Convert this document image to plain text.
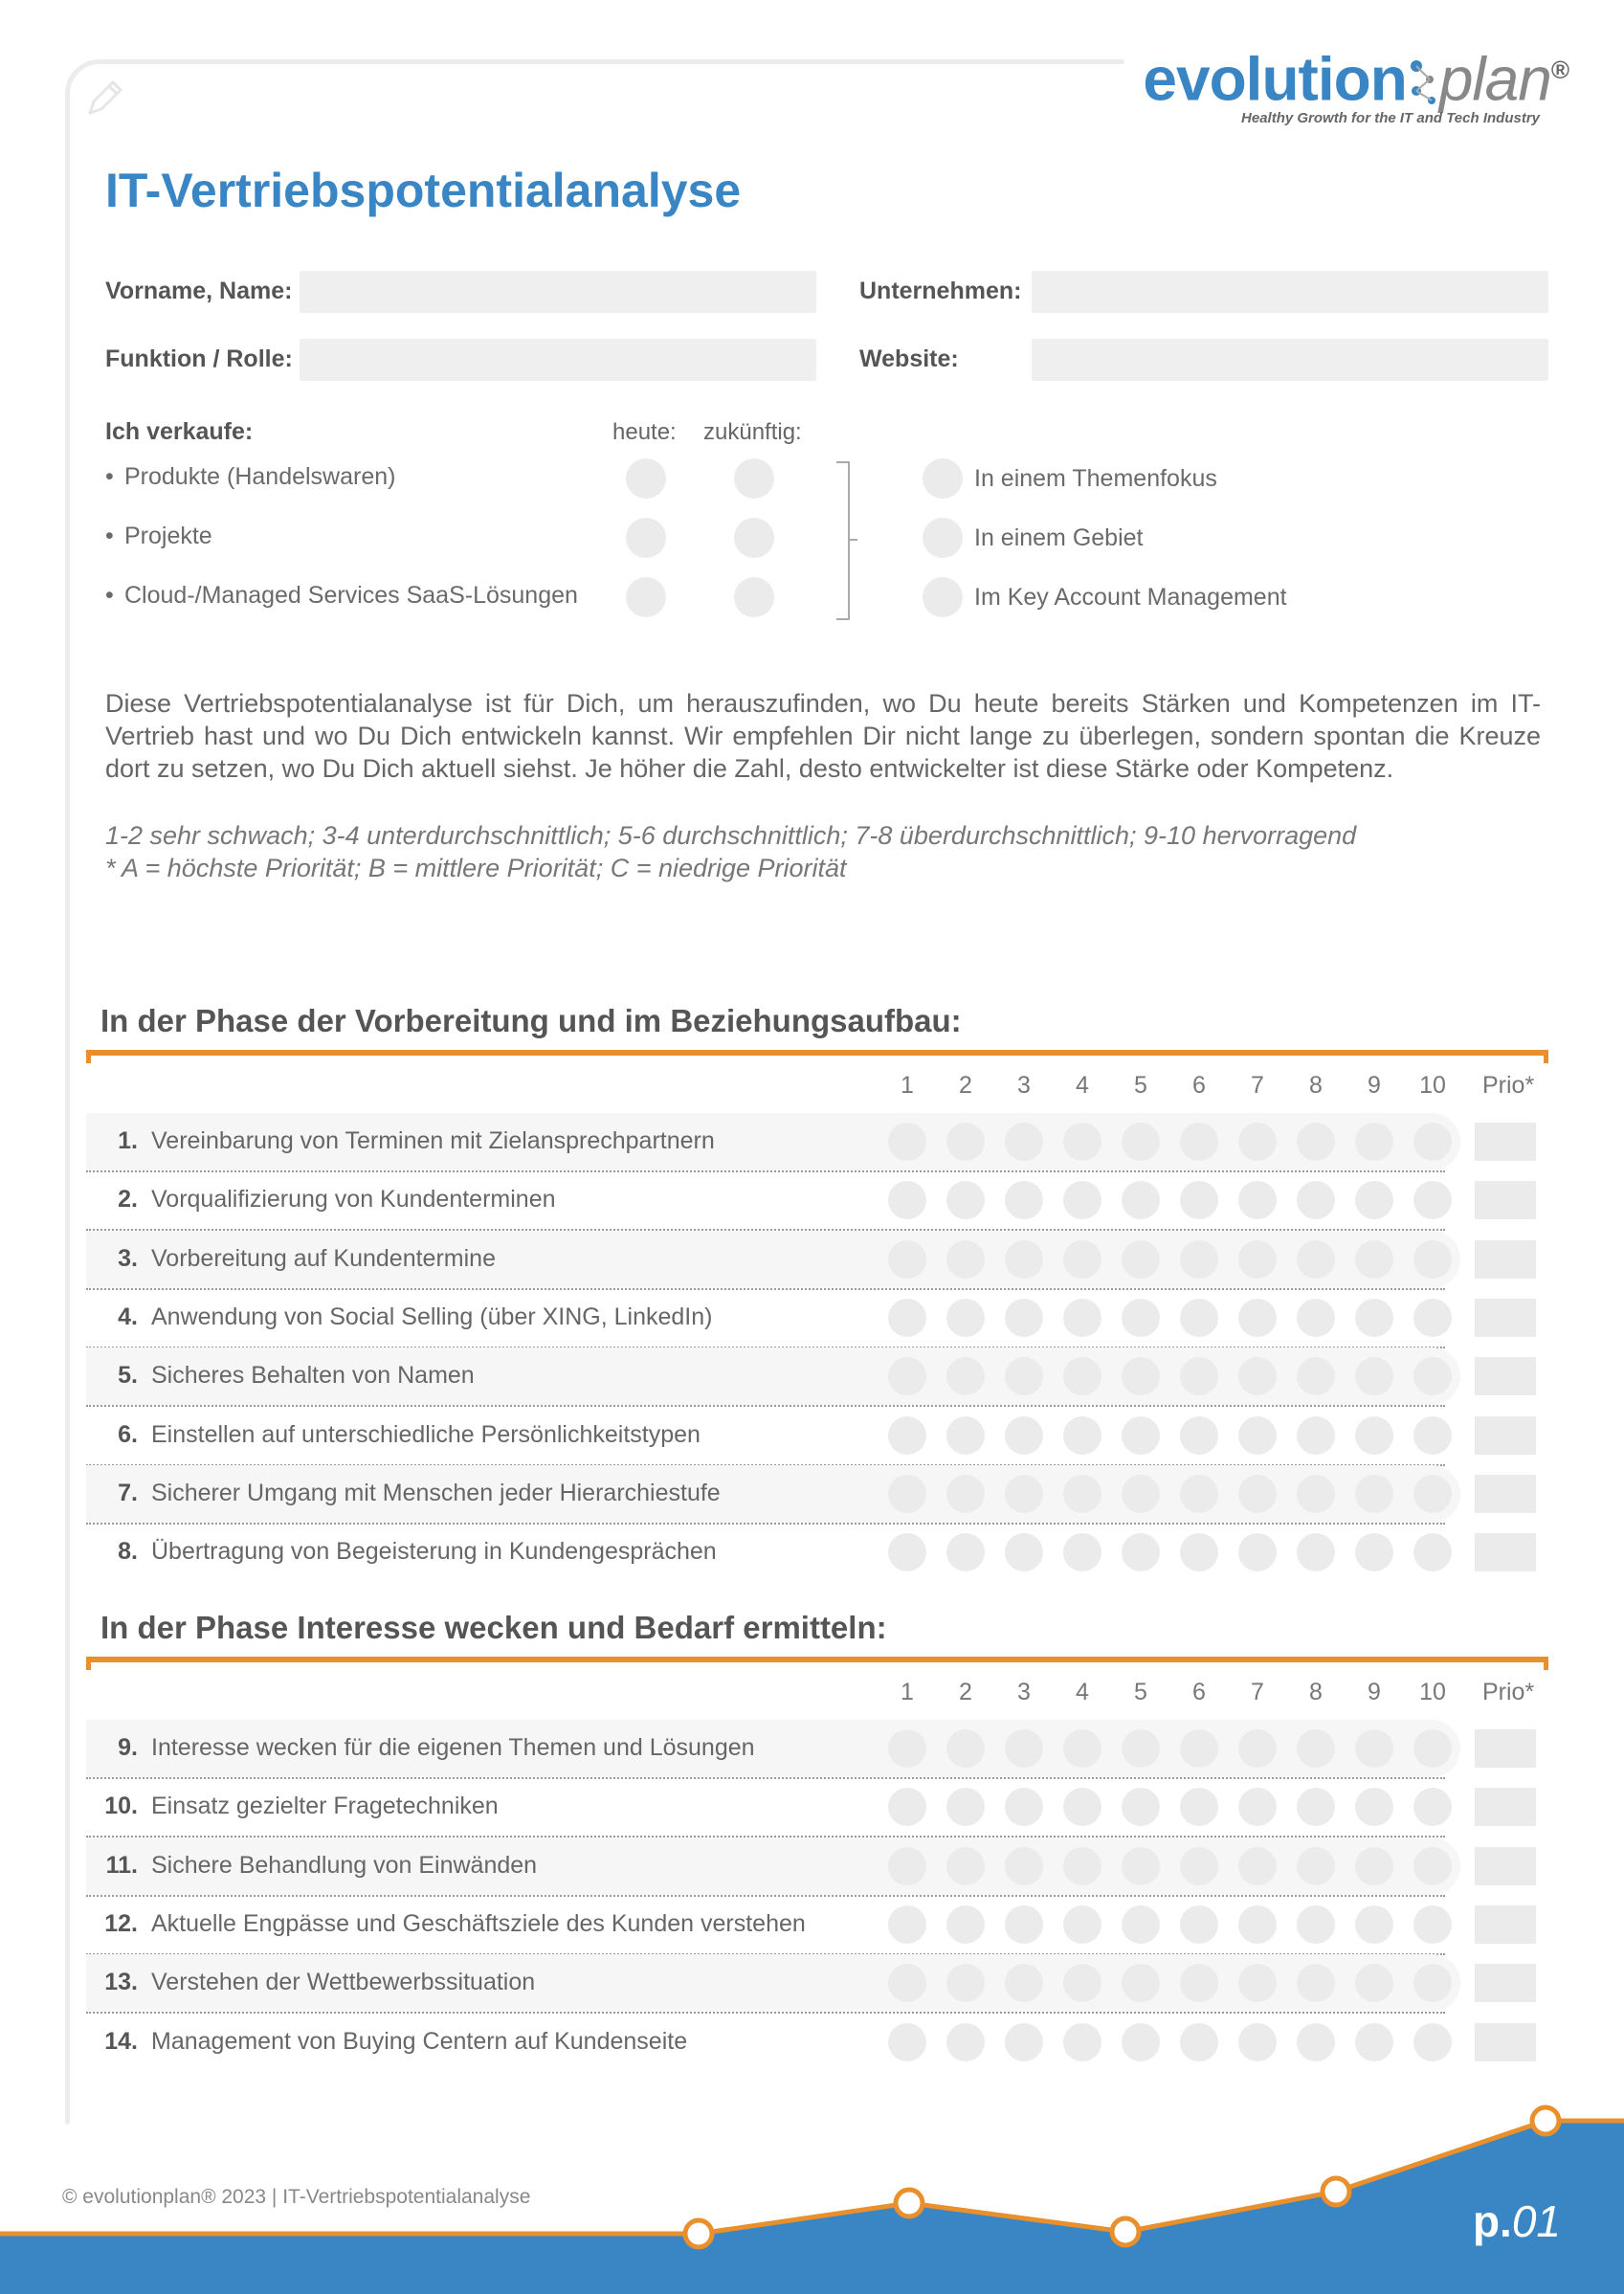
evolution plan®
Healthy Growth for the IT and Tech Industry
IT-Vertriebspotentialanalyse
Vorname, Name:	Unternehmen:
Funktion / Rolle:	Website:
Ich verkaufe:	heute: zukünftig:
• Produkte (Handelswaren)
• Projekte
• Cloud-/Managed Services SaaS-Lösungen
In einem Themenfokus
In einem Gebiet
Im Key Account Management
Diese Vertriebspotentialanalyse ist für Dich, um herauszufinden, wo Du heute bereits Stärken und Kompetenzen im IT-Vertrieb hast und wo Du Dich entwickeln kannst. Wir empfehlen Dir nicht lange zu überlegen, sondern spontan die Kreuze dort zu setzen, wo Du Dich aktuell siehst. Je höher die Zahl, desto entwickelter ist diese Stärke oder Kompetenz.
1-2 sehr schwach; 3-4 unterdurchschnittlich; 5-6 durchschnittlich; 7-8 überdurchschnittlich; 9-10 hervorragend
* A = höchste Priorität; B = mittlere Priorität; C = niedrige Priorität
In der Phase der Vorbereitung und im Beziehungsaufbau:
1	2	3	4	5	6	7	8	9	10 Prio*
1. Vereinbarung von Terminen mit Zielansprechpartnern
2. Vorqualifizierung von Kundenterminen
3. Vorbereitung auf Kundentermine
4. Anwendung von Social Selling (über XING, LinkedIn)
5. Sicheres Behalten von Namen
6. Einstellen auf unterschiedliche Persönlichkeitstypen
7. Sicherer Umgang mit Menschen jeder Hierarchiestufe
8. Übertragung von Begeisterung in Kundengesprächen
In der Phase Interesse wecken und Bedarf ermitteln:
1	2	3	4	5	6	7	8	9	10 Prio*
9. Interesse wecken für die eigenen Themen und Lösungen
10. Einsatz gezielter Fragetechniken
11. Sichere Behandlung von Einwänden
12. Aktuelle Engpässe und Geschäftsziele des Kunden verstehen
13. Verstehen der Wettbewerbssituation
14. Management von Buying Centern auf Kundenseite
© evolutionplan® 2023 | IT-Vertriebspotentialanalyse	p.01
